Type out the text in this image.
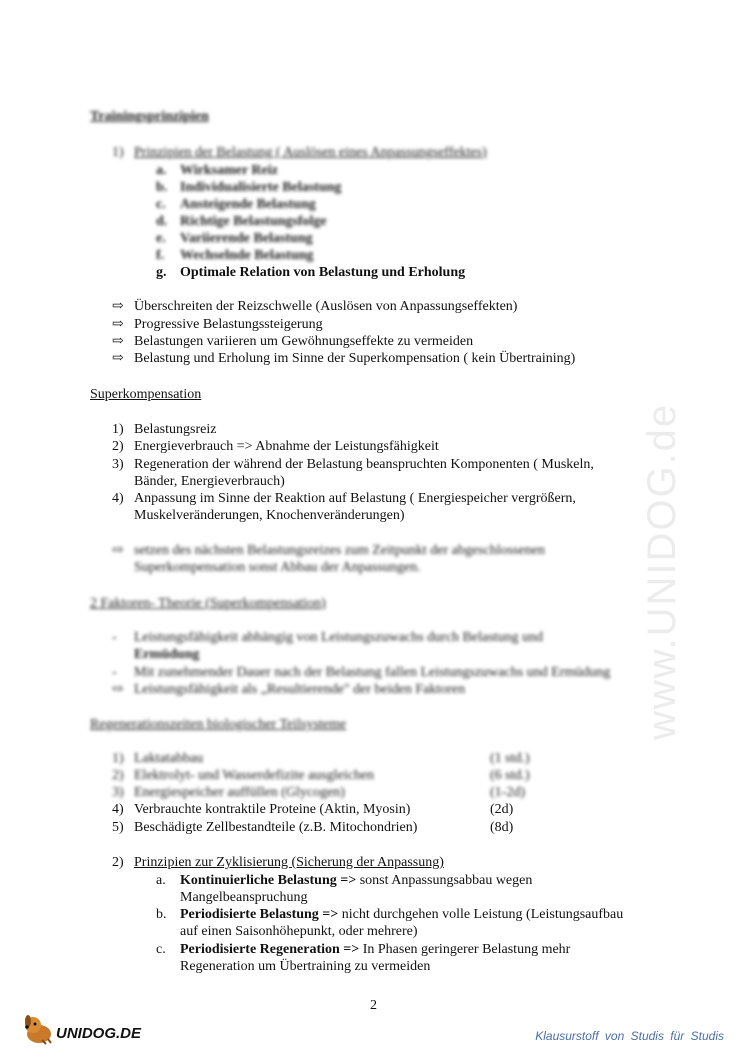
www.UNIDOG.de
Trainingsprinzipien
1) Prinzipien der Belastung ( Auslösen eines Anpassungseffektes)
a. Wirksamer Reiz
b. Individualisierte Belastung
c. Ansteigende Belastung
d. Richtige Belastungsfolge
e. Variierende Belastung
f. Wechselnde Belastung
g. Optimale Relation von Belastung und Erholung
⇨ Überschreiten der Reizschwelle (Auslösen von Anpassungseffekten)
⇨ Progressive Belastungssteigerung
⇨ Belastungen variieren um Gewöhnungseffekte zu vermeiden
⇨ Belastung und Erholung im Sinne der Superkompensation ( kein Übertraining)
Superkompensation
1) Belastungsreiz
2) Energieverbrauch => Abnahme der Leistungsfähigkeit
3) Regeneration der während der Belastung beanspruchten Komponenten ( Muskeln,
Bänder, Energieverbrauch)
4) Anpassung im Sinne der Reaktion auf Belastung ( Energiespeicher vergrößern,
Muskelveränderungen, Knochenveränderungen)
⇨ setzen des nächsten Belastungsreizes zum Zeitpunkt der abgeschlossenen
Superkompensation sonst Abbau der Anpassungen.
2 Faktoren- Theorie (Superkompensation)
- Leistungsfähigkeit abhängig von Leistungszuwachs durch Belastung und
Ermüdung
- Mit zunehmender Dauer nach der Belastung fallen Leistungszuwachs und Ermüdung
⇨ Leistungsfähigkeit als „Resultierende" der beiden Faktoren
Regenerationszeiten biologischer Teilsysteme
1) Laktatabbau	(1 std.)
2) Elektrolyt- und Wasserdefizite ausgleichen	(6 std.)
3) Energiespeicher auffüllen (Glycogen)	(1-2d)
4) Verbrauchte kontraktile Proteine (Aktin, Myosin)	(2d)
5) Beschädigte Zellbestandteile (z.B. Mitochondrien)	(8d)
2) Prinzipien zur Zyklisierung (Sicherung der Anpassung)
a. Kontinuierliche Belastung => sonst Anpassungsabbau wegen
Mangelbeanspruchung
b. Periodisierte Belastung => nicht durchgehen volle Leistung (Leistungsaufbau
auf einen Saisonhöhepunkt, oder mehrere)
c. Periodisierte Regeneration => In Phasen geringerer Belastung mehr
Regeneration um Übertraining zu vermeiden
2
UNIDOG.DE	Klausurstoff von Studis für Studis
